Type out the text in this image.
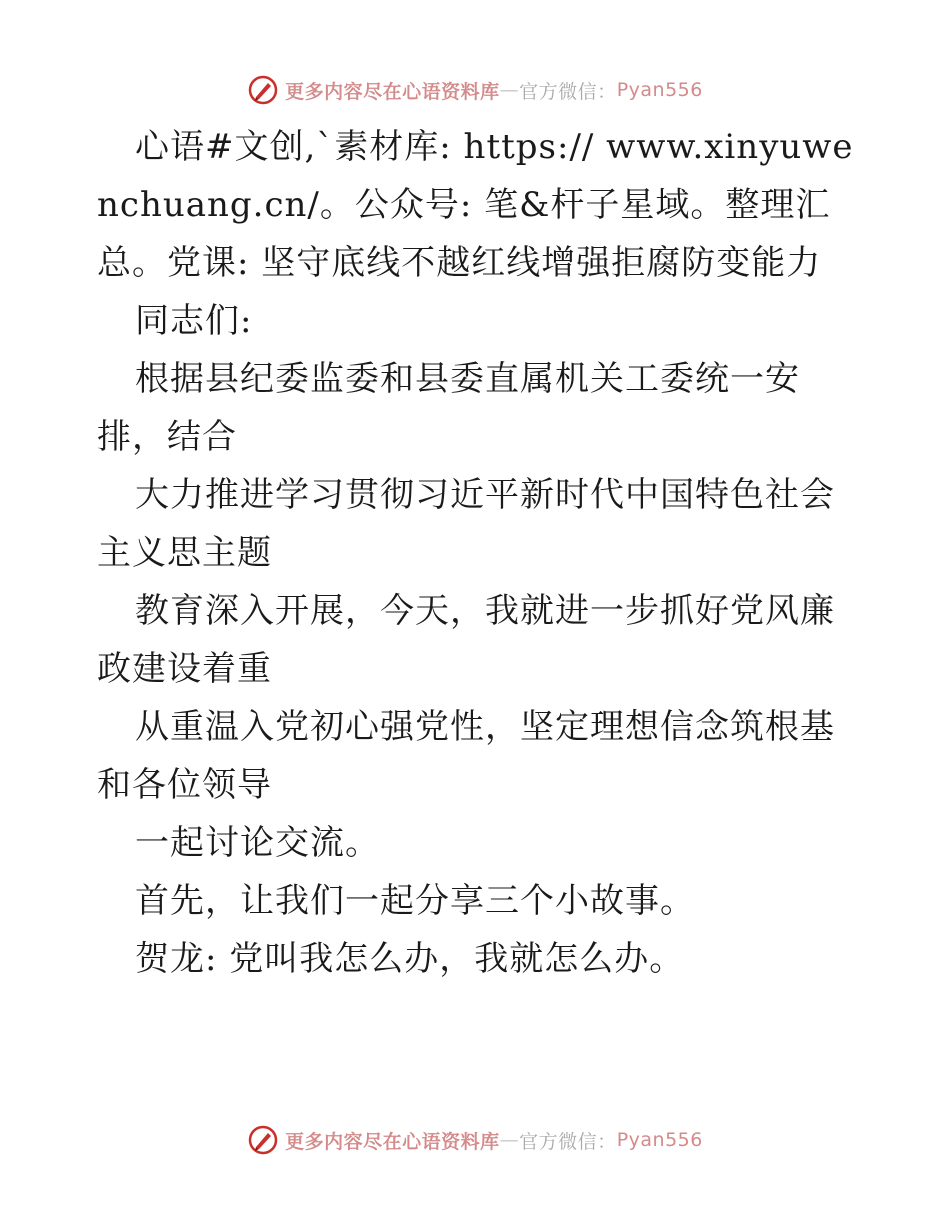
更多内容尽在心语资料库 — 官方微信： Pyan556

心语#文创,`素材库: https:// www.xinyuwenchuang.cn/。公众号: 笔&杆子星域。整理汇总。党课: 坚守底线不越红线增强拒腐防变能力

同志们:

根据县纪委监委和县委直属机关工委统一安排，结合

大力推进学习贯彻习近平新时代中国特色社会主义思主题

教育深入开展，今天，我就进一步抓好党风廉政建设着重

从重温入党初心强党性，坚定理想信念筑根基和各位领导

一起讨论交流。

首先，让我们一起分享三个小故事。

贺龙: 党叫我怎么办，我就怎么办。

更多内容尽在心语资料库 — 官方微信： Pyan556
